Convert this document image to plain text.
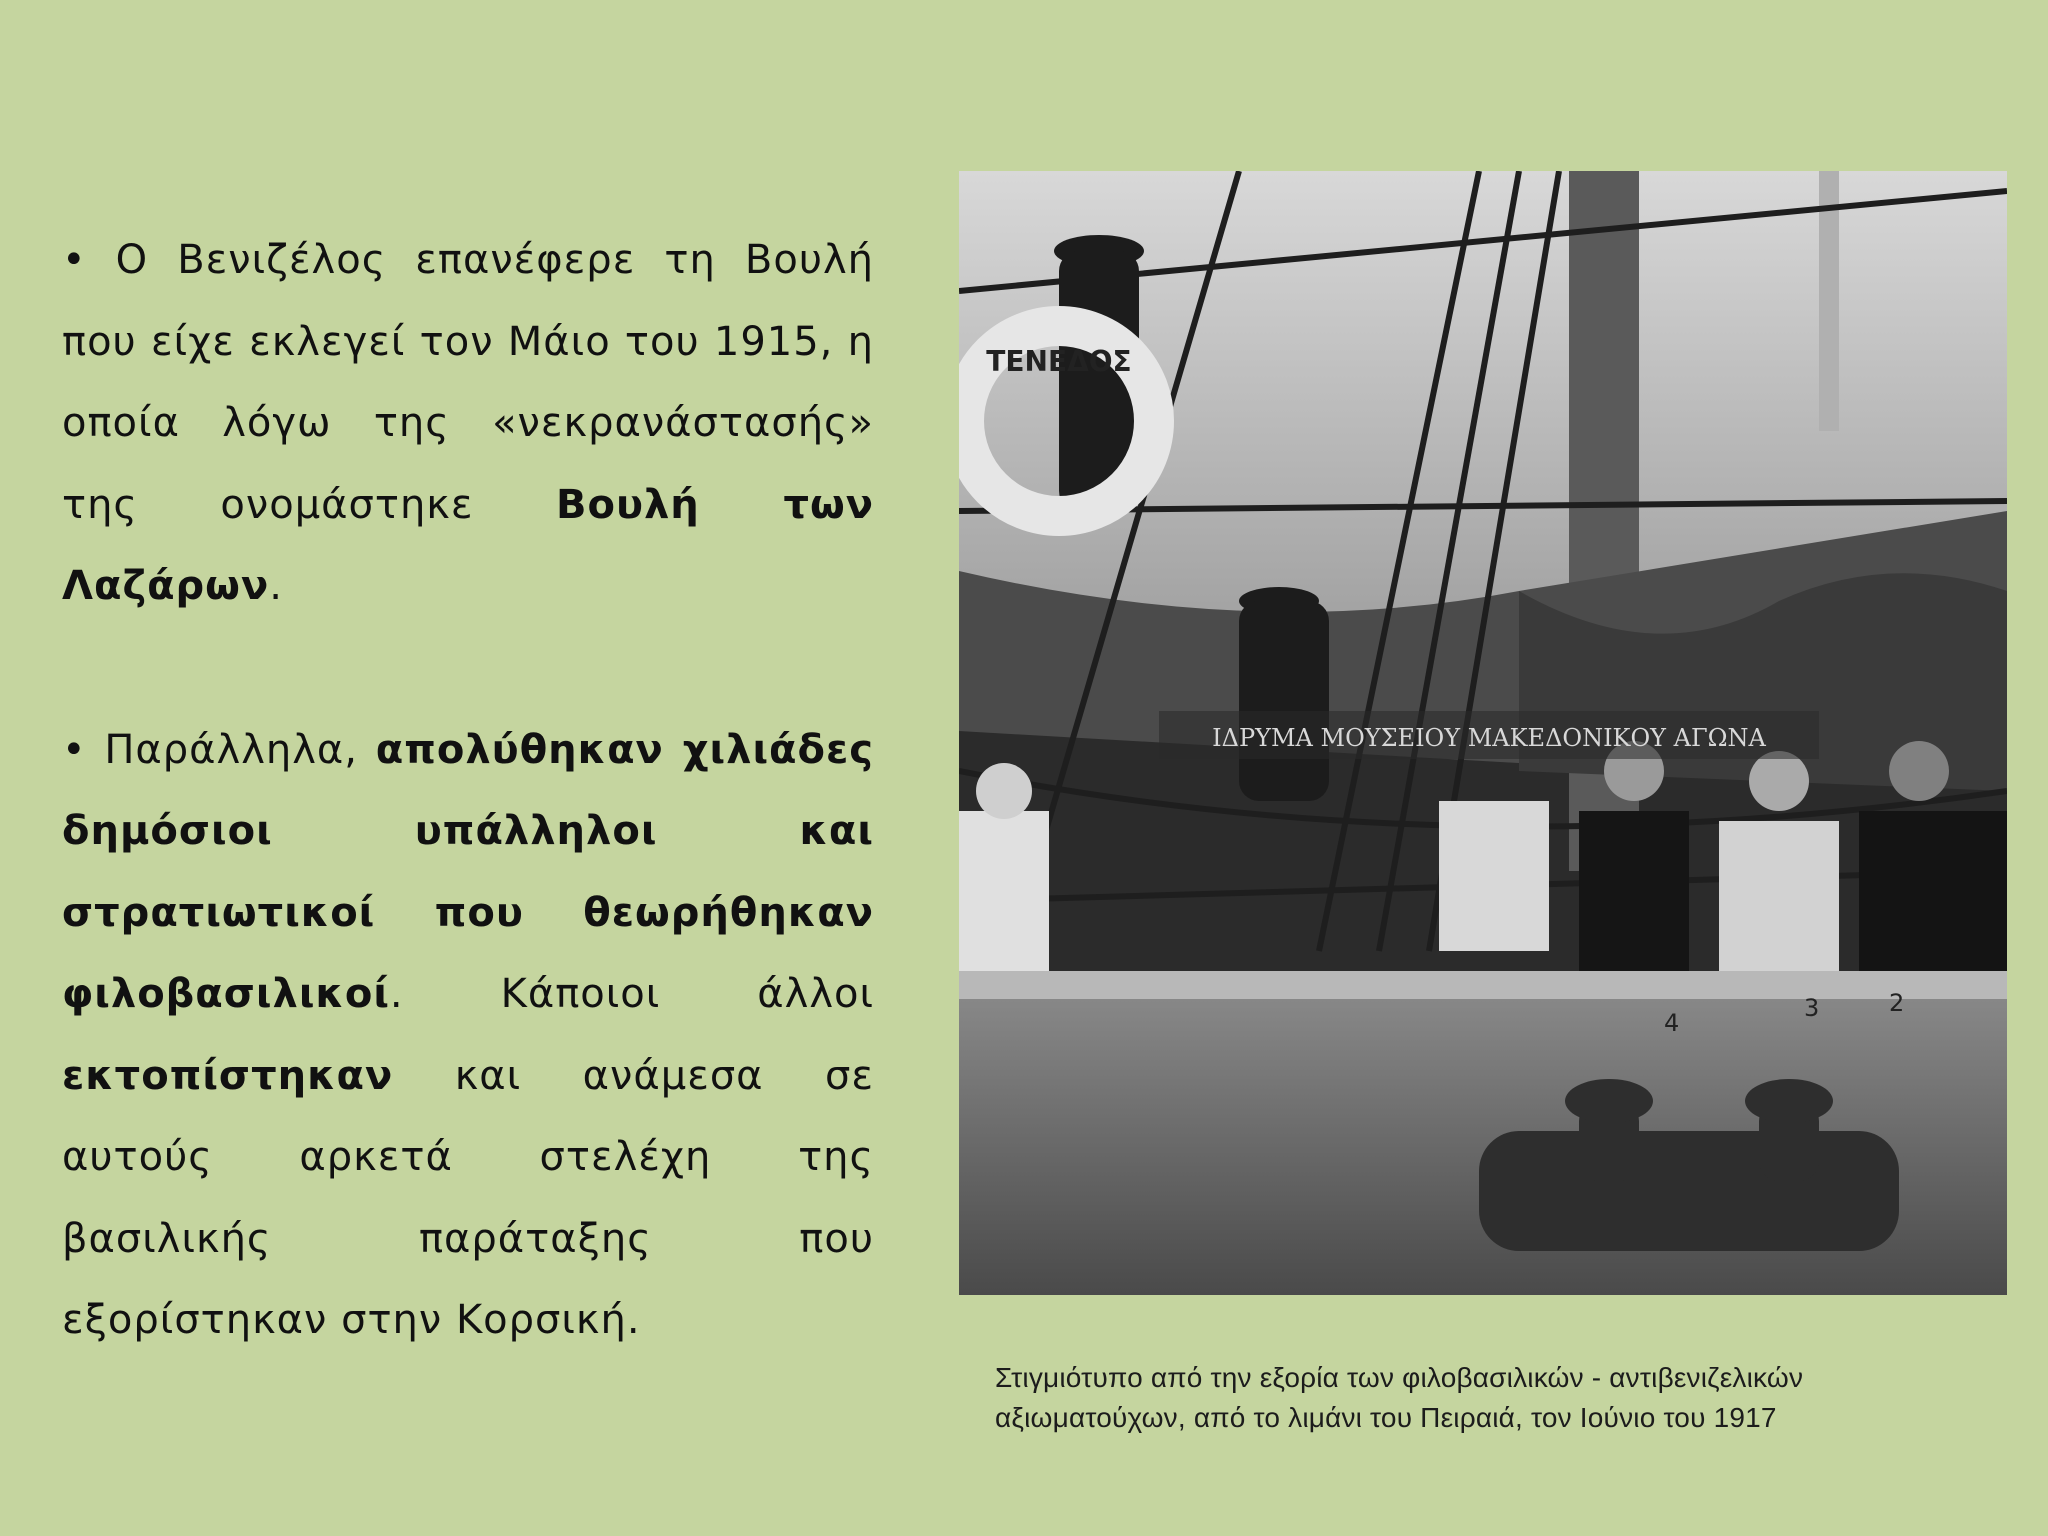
• Ο Βενιζέλος επανέφερε τη Βουλή που είχε εκλεγεί τον Μάιο του 1915, η οποία λόγω της «νεκρανάστασής» της ονομάστηκε Βουλή των Λαζάρων.

• Παράλληλα, απολύθηκαν χιλιάδες δημόσιοι υπάλληλοι και στρατιωτικοί που θεωρήθηκαν φιλοβασιλικοί. Κάποιοι άλλοι εκτοπίστηκαν και ανάμεσα σε αυτούς αρκετά στελέχη της βασιλικής παράταξης που εξορίστηκαν στην Κορσική.

ΤΕΝΕΔΟΣ
ΙΔΡΥΜΑ ΜΟΥΣΕΙΟΥ ΜΑΚΕΔΟΝΙΚΟΥ ΑΓΩΝΑ
4
3	2
Στιγμιότυπο από την εξορία των φιλοβασιλικών - αντιβενιζελικών
αξιωματούχων, από το λιμάνι του Πειραιά, τον Ιούνιο του 1917
